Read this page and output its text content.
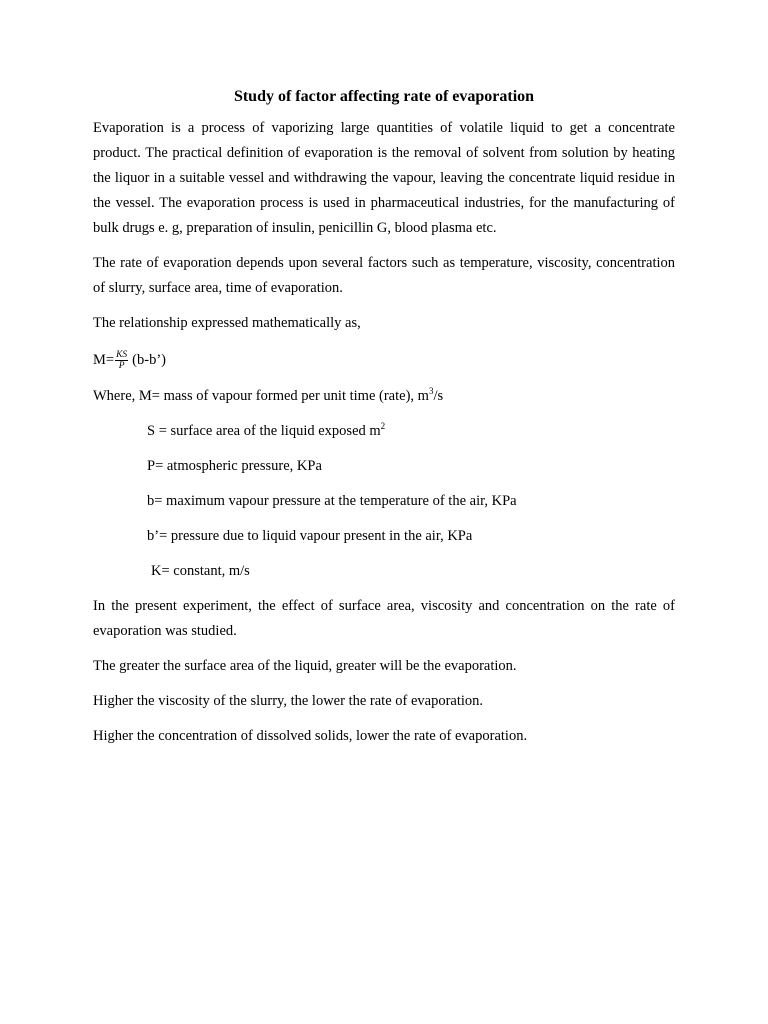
Study of factor affecting rate of evaporation

Evaporation is a process of vaporizing large quantities of volatile liquid to get a concentrate product. The practical definition of evaporation is the removal of solvent from solution by heating the liquor in a suitable vessel and withdrawing the vapour, leaving the concentrate liquid residue in the vessel. The evaporation process is used in pharmaceutical industries, for the manufacturing of bulk drugs e. g, preparation of insulin, penicillin G, blood plasma etc.

The rate of evaporation depends upon several factors such as temperature, viscosity, concentration of slurry, surface area, time of evaporation.

The relationship expressed mathematically as,

$M= \frac{KS}{P}$ (b-b’)

Where, M= mass of vapour formed per unit time (rate), $m^3/s$

S = surface area of the liquid exposed $m^2$
P= atmospheric pressure, KPa
b= maximum vapour pressure at the temperature of the air, KPa
b’= pressure due to liquid vapour present in the air, KPa
K= constant, m/s

In the present experiment, the effect of surface area, viscosity and concentration on the rate of evaporation was studied.

The greater the surface area of the liquid, greater will be the evaporation.

Higher the viscosity of the slurry, the lower the rate of evaporation.

Higher the concentration of dissolved solids, lower the rate of evaporation.
